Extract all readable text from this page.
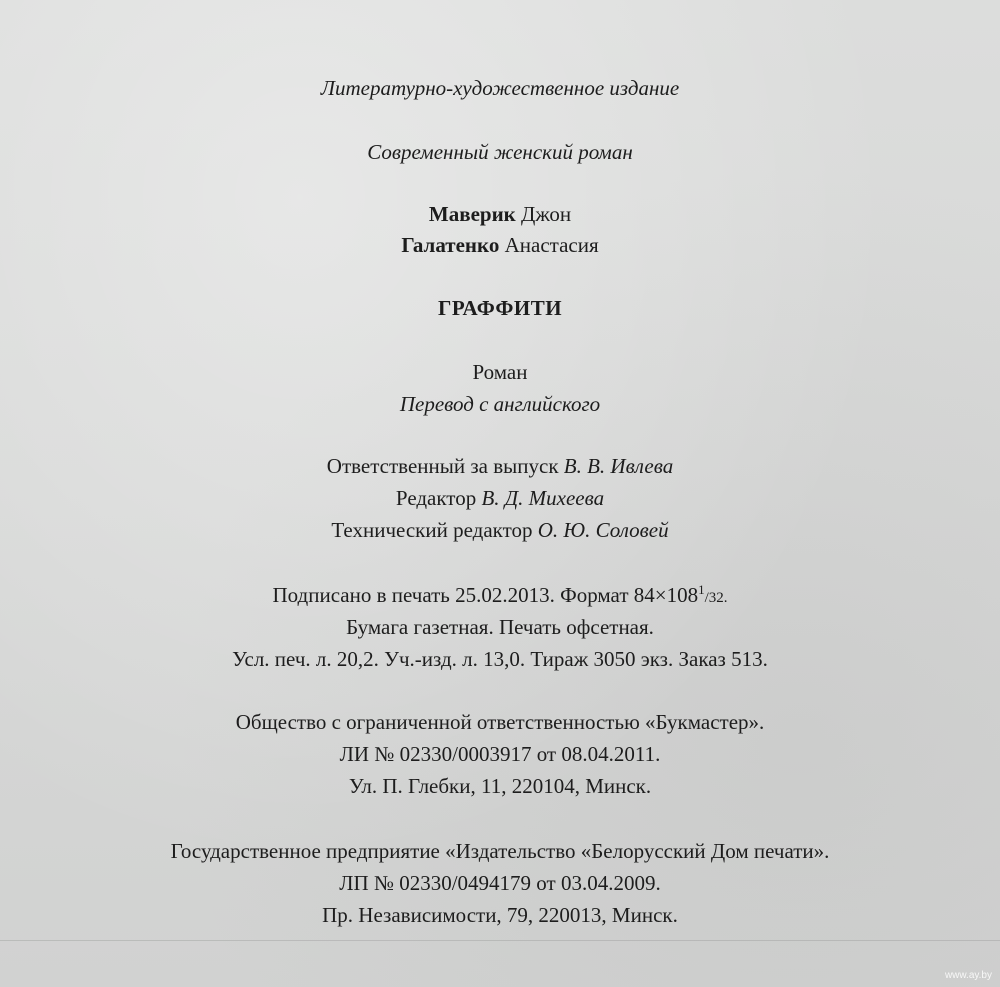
Литературно-художественное издание
Современный женский роман
Маверик Джон
Галатенко Анастасия
ГРАФФИТИ
Роман
Перевод с английского
Ответственный за выпуск В. В. Ивлева
Редактор В. Д. Михеева
Технический редактор О. Ю. Соловей
Подписано в печать 25.02.2013. Формат $84\times 108^1/32$.
Бумага газетная. Печать офсетная.
Усл. печ. л. 20,2. Уч.-изд. л. 13,0. Тираж 3050 экз. Заказ 513.
Общество с ограниченной ответственностью «Букмастер».
ЛИ № 02330/0003917 от 08.04.2011.
Ул. П. Глебки, 11, 220104, Минск.
Государственное предприятие «Издательство «Белорусский Дом печати».
ЛП № 02330/0494179 от 03.04.2009.
Пр. Независимости, 79, 220013, Минск.
www.ay.by
